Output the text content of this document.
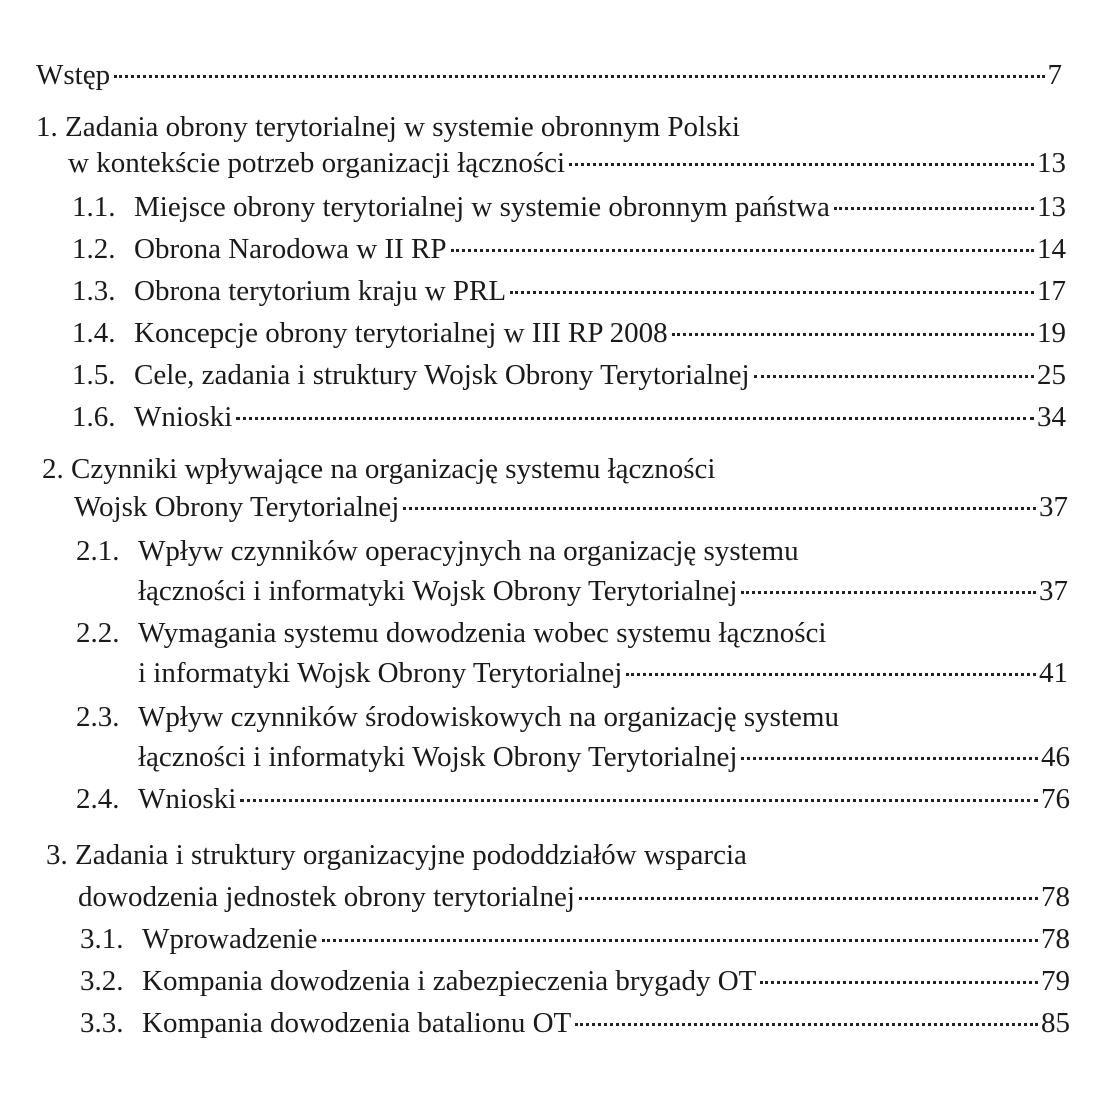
Wstęp	7
1. Zadania obrony terytorialnej w systemie obronnym Polski
w kontekście potrzeb organizacji łączności	13
1.1. Miejsce obrony terytorialnej w systemie obronnym państwa	13
1.2. Obrona Narodowa w II RP	14
1.3. Obrona terytorium kraju w PRL	17
1.4. Koncepcje obrony terytorialnej w III RP 2008	19
1.5. Cele, zadania i struktury Wojsk Obrony Terytorialnej	25
1.6. Wnioski	34
2. Czynniki wpływające na organizację systemu łączności
Wojsk Obrony Terytorialnej	37
2.1. Wpływ czynników operacyjnych na organizację systemu
łączności i informatyki Wojsk Obrony Terytorialnej	37
2.2. Wymagania systemu dowodzenia wobec systemu łączności
i informatyki Wojsk Obrony Terytorialnej	41
2.3. Wpływ czynników środowiskowych na organizację systemu
łączności i informatyki Wojsk Obrony Terytorialnej	46
2.4. Wnioski	76
3. Zadania i struktury organizacyjne pododdziałów wsparcia
dowodzenia jednostek obrony terytorialnej	78
3.1. Wprowadzenie	78
3.2. Kompania dowodzenia i zabezpieczenia brygady OT	79
3.3. Kompania dowodzenia batalionu OT	85
